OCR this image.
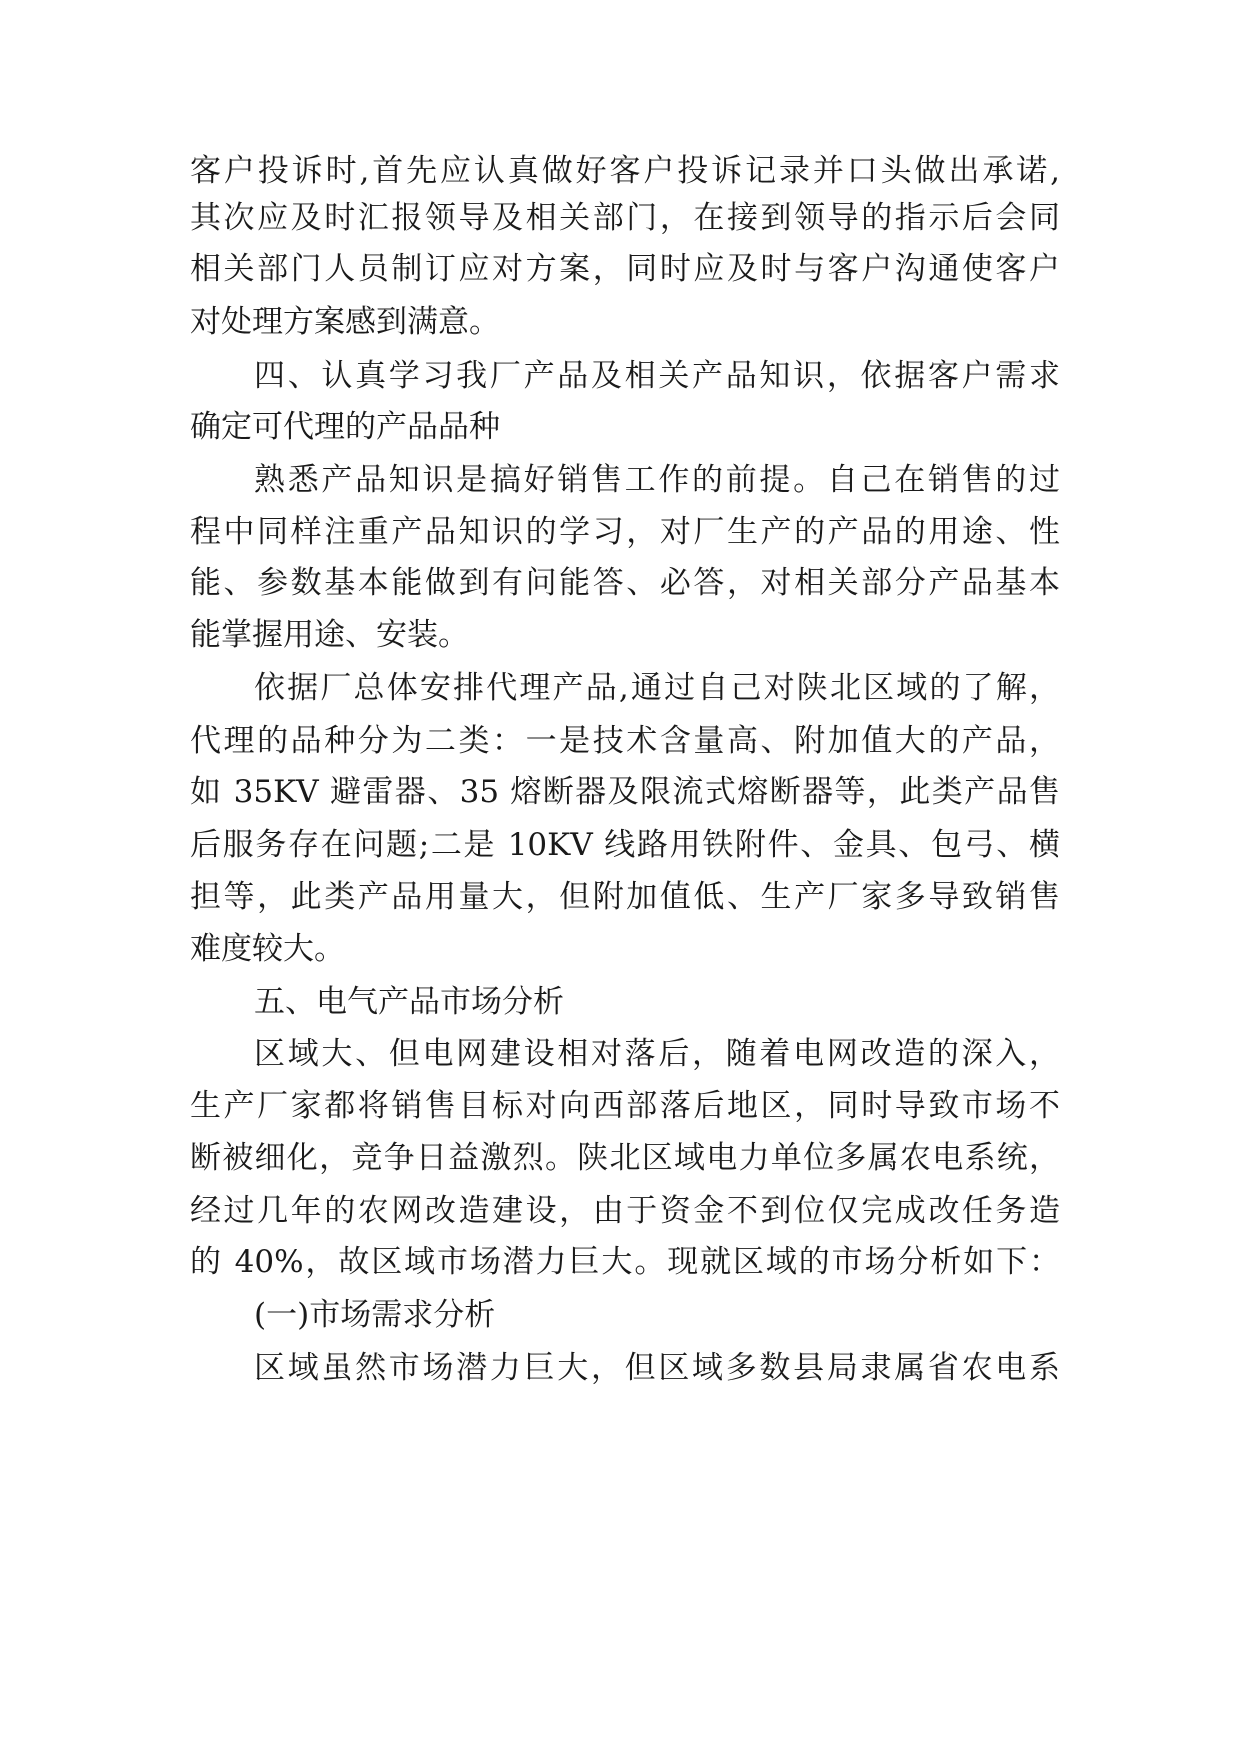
客户投诉时,首先应认真做好客户投诉记录并口头做出承诺,
其次应及时汇报领导及相关部门，在接到领导的指示后会同
相关部门人员制订应对方案，同时应及时与客户沟通使客户
对处理方案感到满意。
四、认真学习我厂产品及相关产品知识，依据客户需求
确定可代理的产品品种
熟悉产品知识是搞好销售工作的前提。自己在销售的过
程中同样注重产品知识的学习，对厂生产的产品的用途、性
能、参数基本能做到有问能答、必答，对相关部分产品基本
能掌握用途、安装。
依据厂总体安排代理产品,通过自己对陕北区域的了解，
代理的品种分为二类：一是技术含量高、附加值大的产品，
如 35KV 避雷器、35 熔断器及限流式熔断器等，此类产品售
后服务存在问题;二是 10KV 线路用铁附件、金具、包弓、横
担等，此类产品用量大，但附加值低、生产厂家多导致销售
难度较大。
五、电气产品市场分析
区域大、但电网建设相对落后，随着电网改造的深入，
生产厂家都将销售目标对向西部落后地区，同时导致市场不
断被细化，竞争日益激烈。陕北区域电力单位多属农电系统，
经过几年的农网改造建设，由于资金不到位仅完成改任务造
的 40%，故区域市场潜力巨大。现就区域的市场分析如下：
(一)市场需求分析
区域虽然市场潜力巨大，但区域多数县局隶属省农电系
